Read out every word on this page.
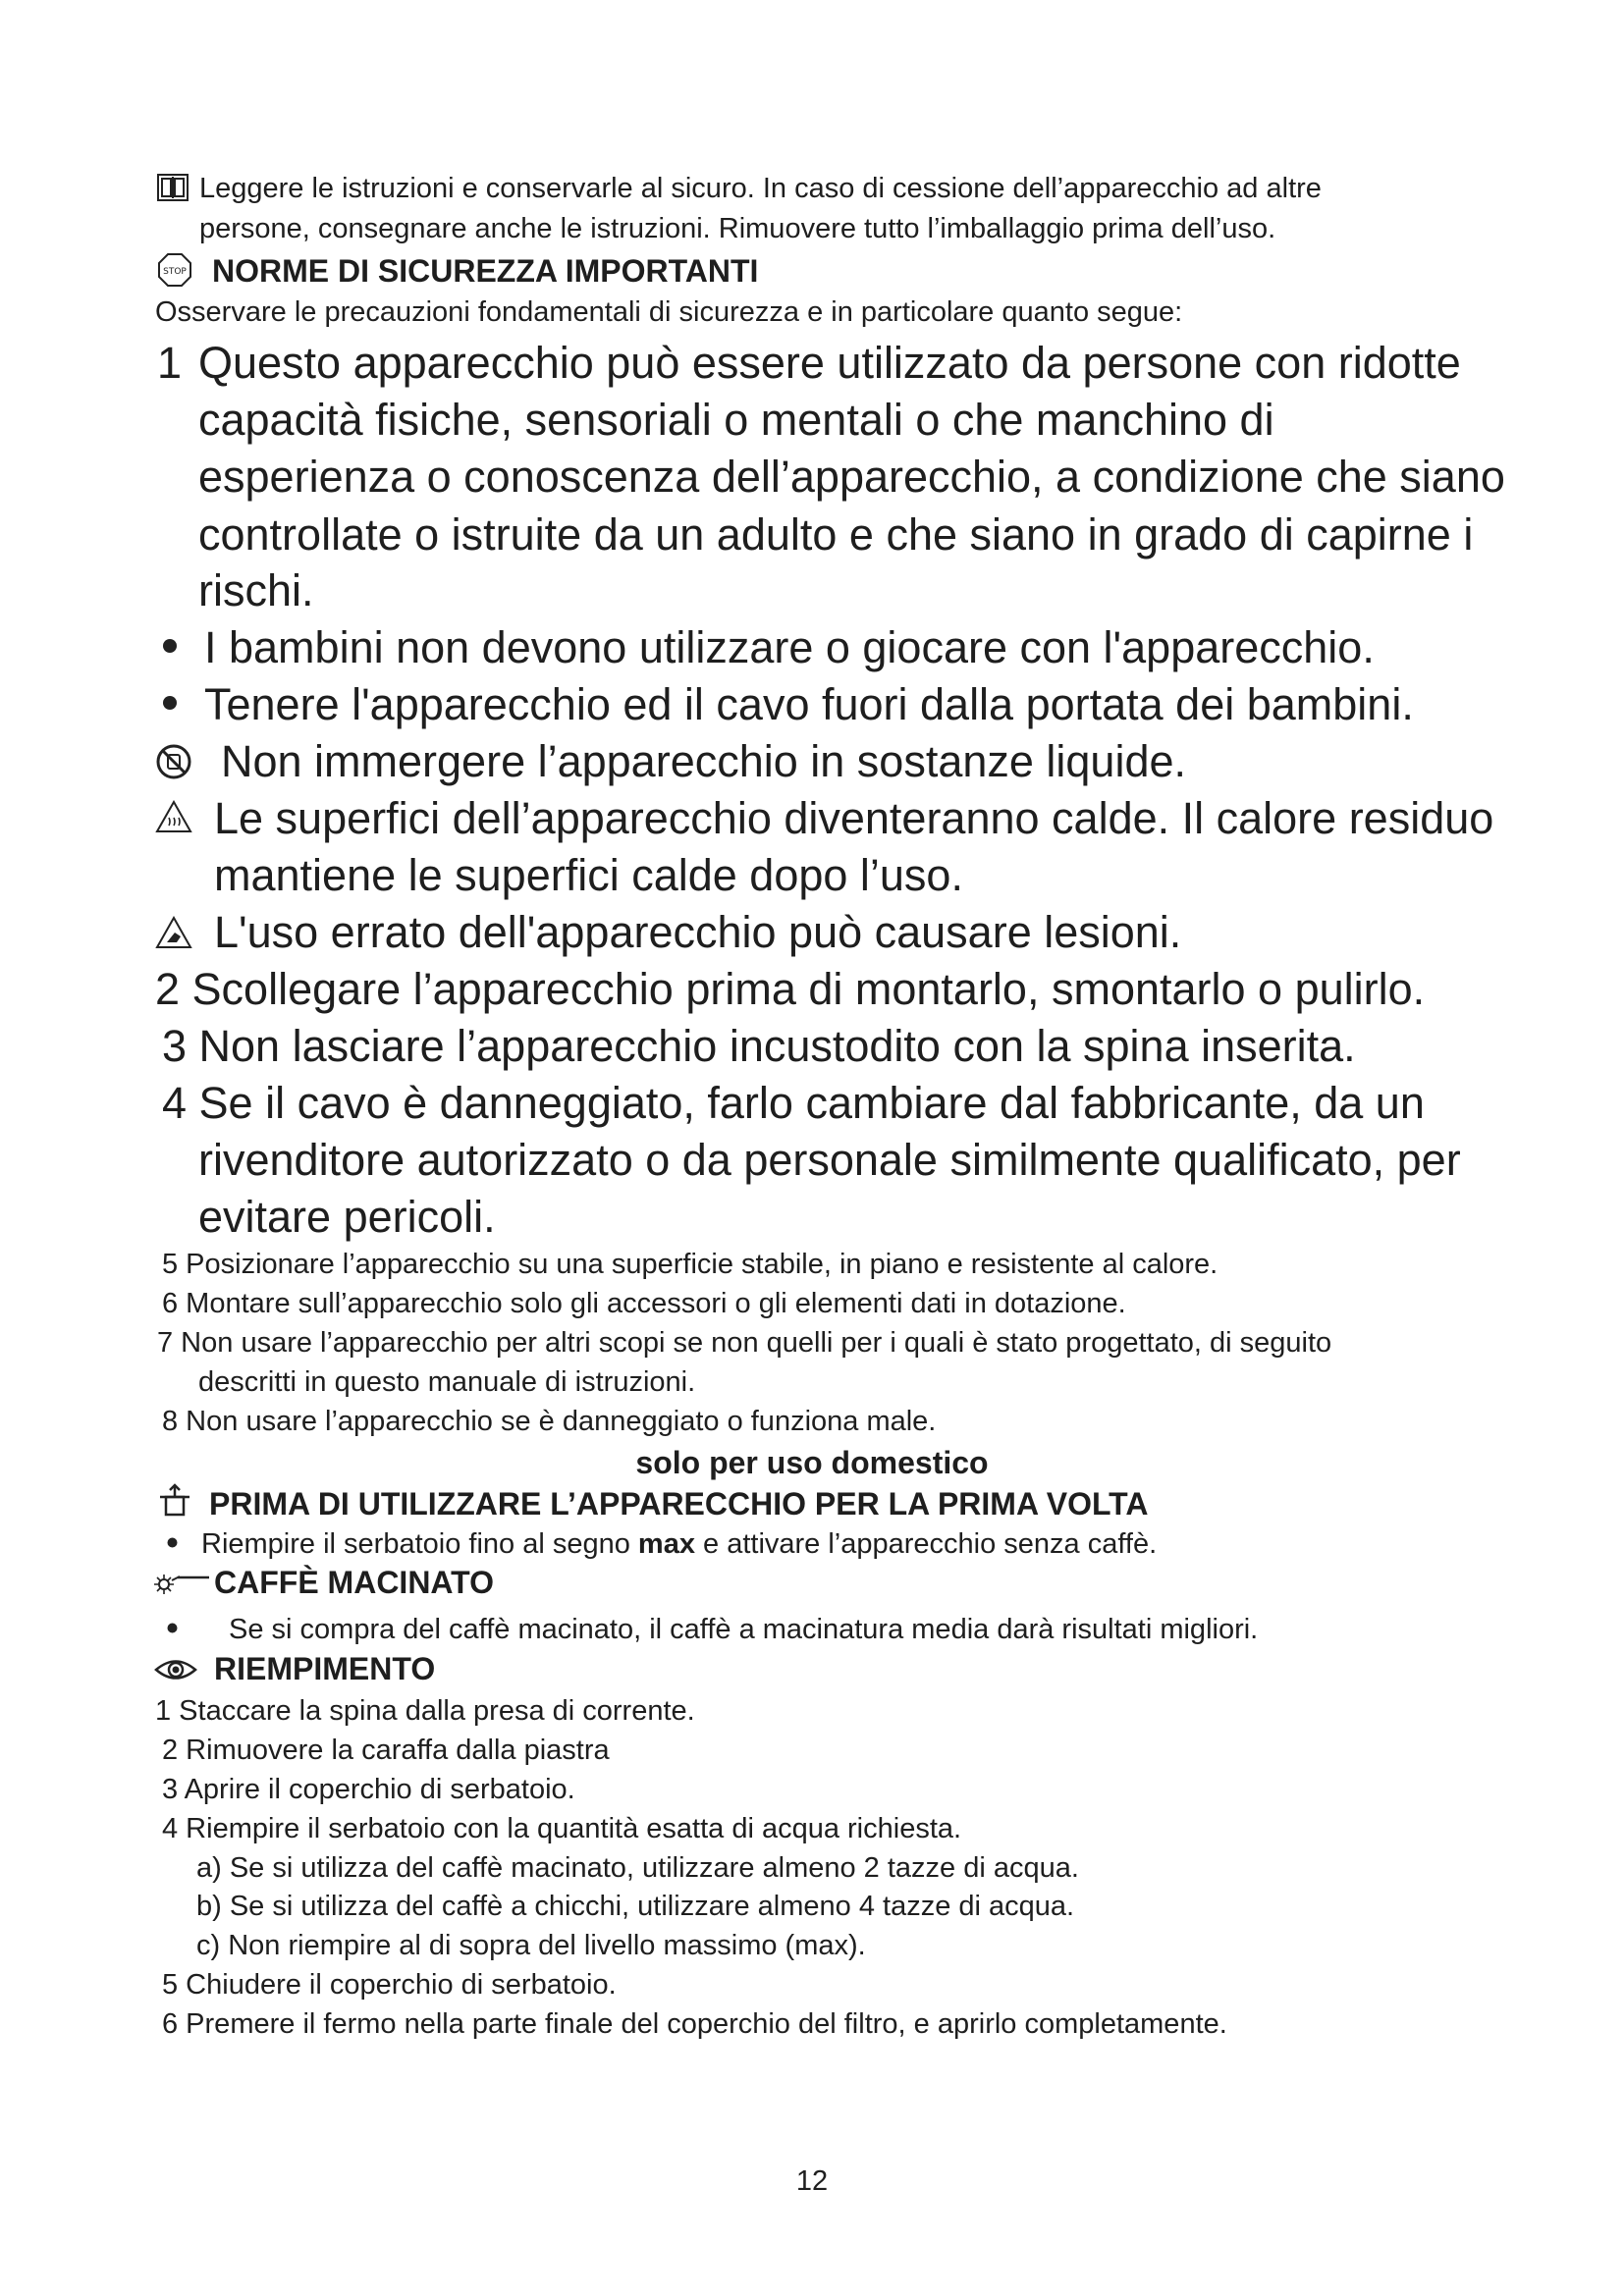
Leggere le istruzioni e conservarle al sicuro. In caso di cessione dell’apparecchio ad altre
persone, consegnare anche le istruzioni. Rimuovere tutto l’imballaggio prima dell’uso.
STOP NORME DI SICUREZZA IMPORTANTI
Osservare le precauzioni fondamentali di sicurezza e in particolare quanto segue:
1 Questo apparecchio può essere utilizzato da persone con ridotte
capacità fisiche, sensoriali o mentali o che manchino di
esperienza o conoscenza dell’apparecchio, a condizione che siano
controllate o istruite da un adulto e che siano in grado di capirne i
rischi.
I bambini non devono utilizzare o giocare con l'apparecchio.
Tenere l'apparecchio ed il cavo fuori dalla portata dei bambini.
Non immergere l’apparecchio in sostanze liquide.
Le superfici dell’apparecchio diventeranno calde. Il calore residuo
mantiene le superfici calde dopo l’uso.
L'uso errato dell'apparecchio può causare lesioni.
2 Scollegare l’apparecchio prima di montarlo, smontarlo o pulirlo.
3 Non lasciare l’apparecchio incustodito con la spina inserita.
4 Se il cavo è danneggiato, farlo cambiare dal fabbricante, da un
rivenditore autorizzato o da personale similmente qualificato, per
evitare pericoli.
5 Posizionare l’apparecchio su una superficie stabile, in piano e resistente al calore.
6 Montare sull’apparecchio solo gli accessori o gli elementi dati in dotazione.
7 Non usare l’apparecchio per altri scopi se non quelli per i quali è stato progettato, di seguito
descritti in questo manuale di istruzioni.
8 Non usare l’apparecchio se è danneggiato o funziona male.
solo per uso domestico
PRIMA DI UTILIZZARE L’APPARECCHIO PER LA PRIMA VOLTA
Riempire il serbatoio fino al segno max e attivare l’apparecchio senza caffè.
CAFFÈ MACINATO
Se si compra del caffè macinato, il caffè a macinatura media darà risultati migliori.
RIEMPIMENTO
1 Staccare la spina dalla presa di corrente.
2 Rimuovere la caraffa dalla piastra
3 Aprire il coperchio di serbatoio.
4 Riempire il serbatoio con la quantità esatta di acqua richiesta.
a) Se si utilizza del caffè macinato, utilizzare almeno 2 tazze di acqua.
b) Se si utilizza del caffè a chicchi, utilizzare almeno 4 tazze di acqua.
c) Non riempire al di sopra del livello massimo (max).
5 Chiudere il coperchio di serbatoio.
6 Premere il fermo nella parte finale del coperchio del filtro, e aprirlo completamente.
12
